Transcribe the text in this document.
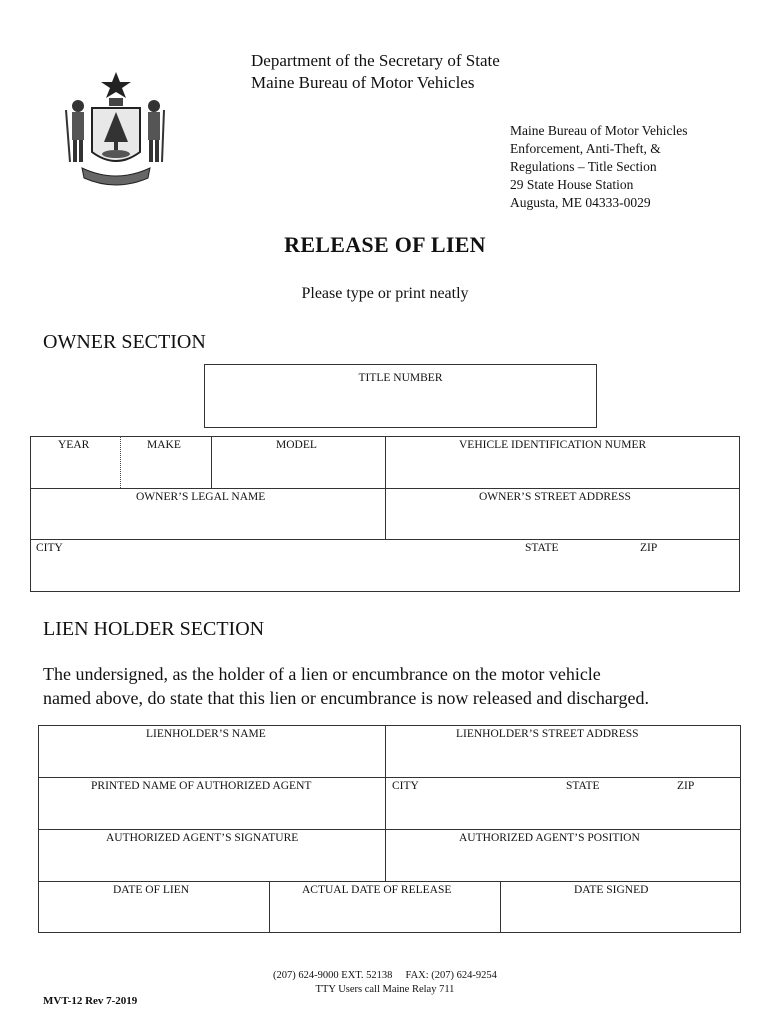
Department of the Secretary of State
Maine Bureau of Motor Vehicles
Maine Bureau of Motor Vehicles
Enforcement, Anti-Theft, &
Regulations – Title Section
29 State House Station
Augusta, ME 04333-0029
RELEASE OF LIEN
Please type or print neatly
OWNER SECTION
TITLE NUMBER
YEAR	MAKE	MODEL	VEHICLE IDENTIFICATION NUMER
OWNER’S LEGAL NAME	OWNER’S STREET ADDRESS
CITY	STATE	ZIP
LIEN HOLDER SECTION
The undersigned, as the holder of a lien or encumbrance on the motor vehicle
named above, do state that this lien or encumbrance is now released and discharged.
LIENHOLDER’S NAME	LIENHOLDER’S STREET ADDRESS
PRINTED NAME OF AUTHORIZED AGENT	CITY	STATE	ZIP
AUTHORIZED AGENT’S SIGNATURE	AUTHORIZED AGENT’S POSITION
DATE OF LIEN	ACTUAL DATE OF RELEASE	DATE SIGNED
(207) 624-9000 EXT. 52138     FAX: (207) 624-9254
TTY Users call Maine Relay 711
MVT-12 Rev 7-2019
